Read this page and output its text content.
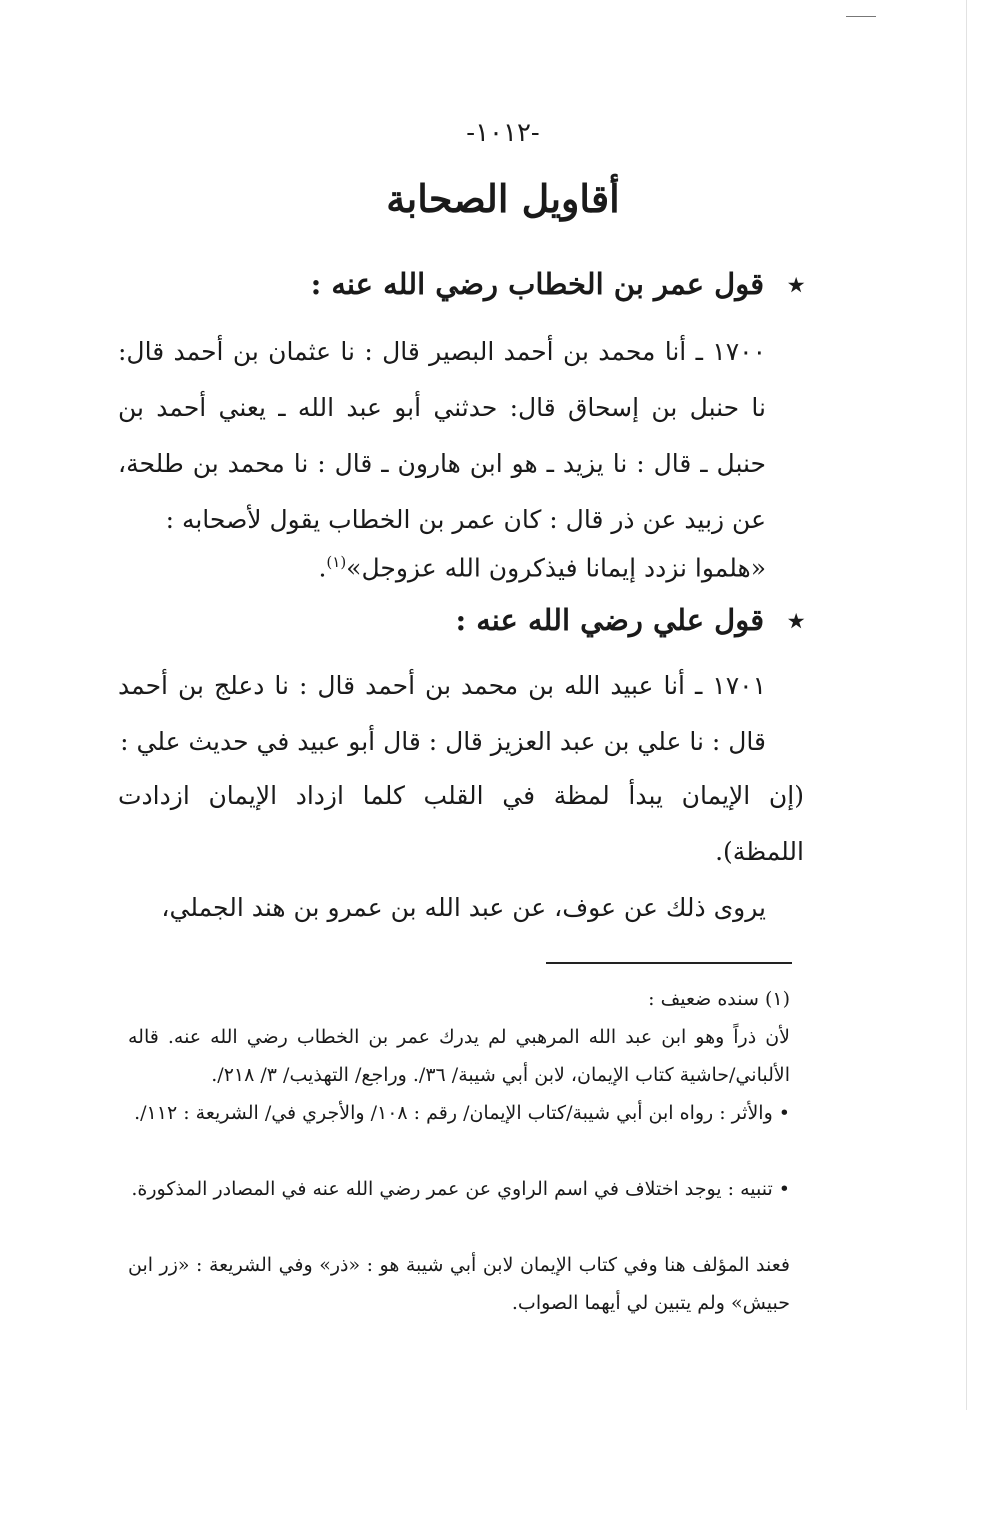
-١٠١٢-
أقاويل الصحابة
٭ قول عمر بن الخطاب رضي الله عنه :
١٧٠٠ ـ أنا محمد بن أحمد البصير قال : نا عثمان بن أحمد قال: نا حنبل بن إسحاق قال: حدثني أبو عبد الله ـ يعني أحمد بن حنبل ـ قال : نا يزيد ـ هو ابن هارون ـ قال : نا محمد بن طلحة، عن زبيد عن ذر قال : كان عمر بن الخطاب يقول لأصحابه :
«هلموا نزدد إيمانا فيذكرون الله عزوجل»$^{(١)}$.
٭ قول علي رضي الله عنه :
١٧٠١ ـ أنا عبيد الله بن محمد بن أحمد قال : نا دعلج بن أحمد قال : نا علي بن عبد العزيز قال : قال أبو عبيد في حديث علي :
(إن الإيمان يبدأ لمظة في القلب كلما ازداد الإيمان ازدادت اللمظة).
يروى ذلك عن عوف، عن عبد الله بن عمرو بن هند الجملي،
(١) سنده ضعيف :
لأن ذراً وهو ابن عبد الله المرهبي لم يدرك عمر بن الخطاب رضي الله عنه. قاله الألباني/حاشية كتاب الإيمان، لابن أبي شيبة/ ٣٦/. وراجع/ التهذيب/ ٣/ ٢١٨/.
• والأثر : رواه ابن أبي شيبة/كتاب الإيمان/ رقم : ١٠٨/ والأجري في/ الشريعة : ١١٢/.
• تنبيه : يوجد اختلاف في اسم الراوي عن عمر رضي الله عنه في المصادر المذكورة.
فعند المؤلف هنا وفي كتاب الإيمان لابن أبي شيبة هو : «ذر» وفي الشريعة : «زر ابن حبيش» ولم يتبين لي أيهما الصواب.
